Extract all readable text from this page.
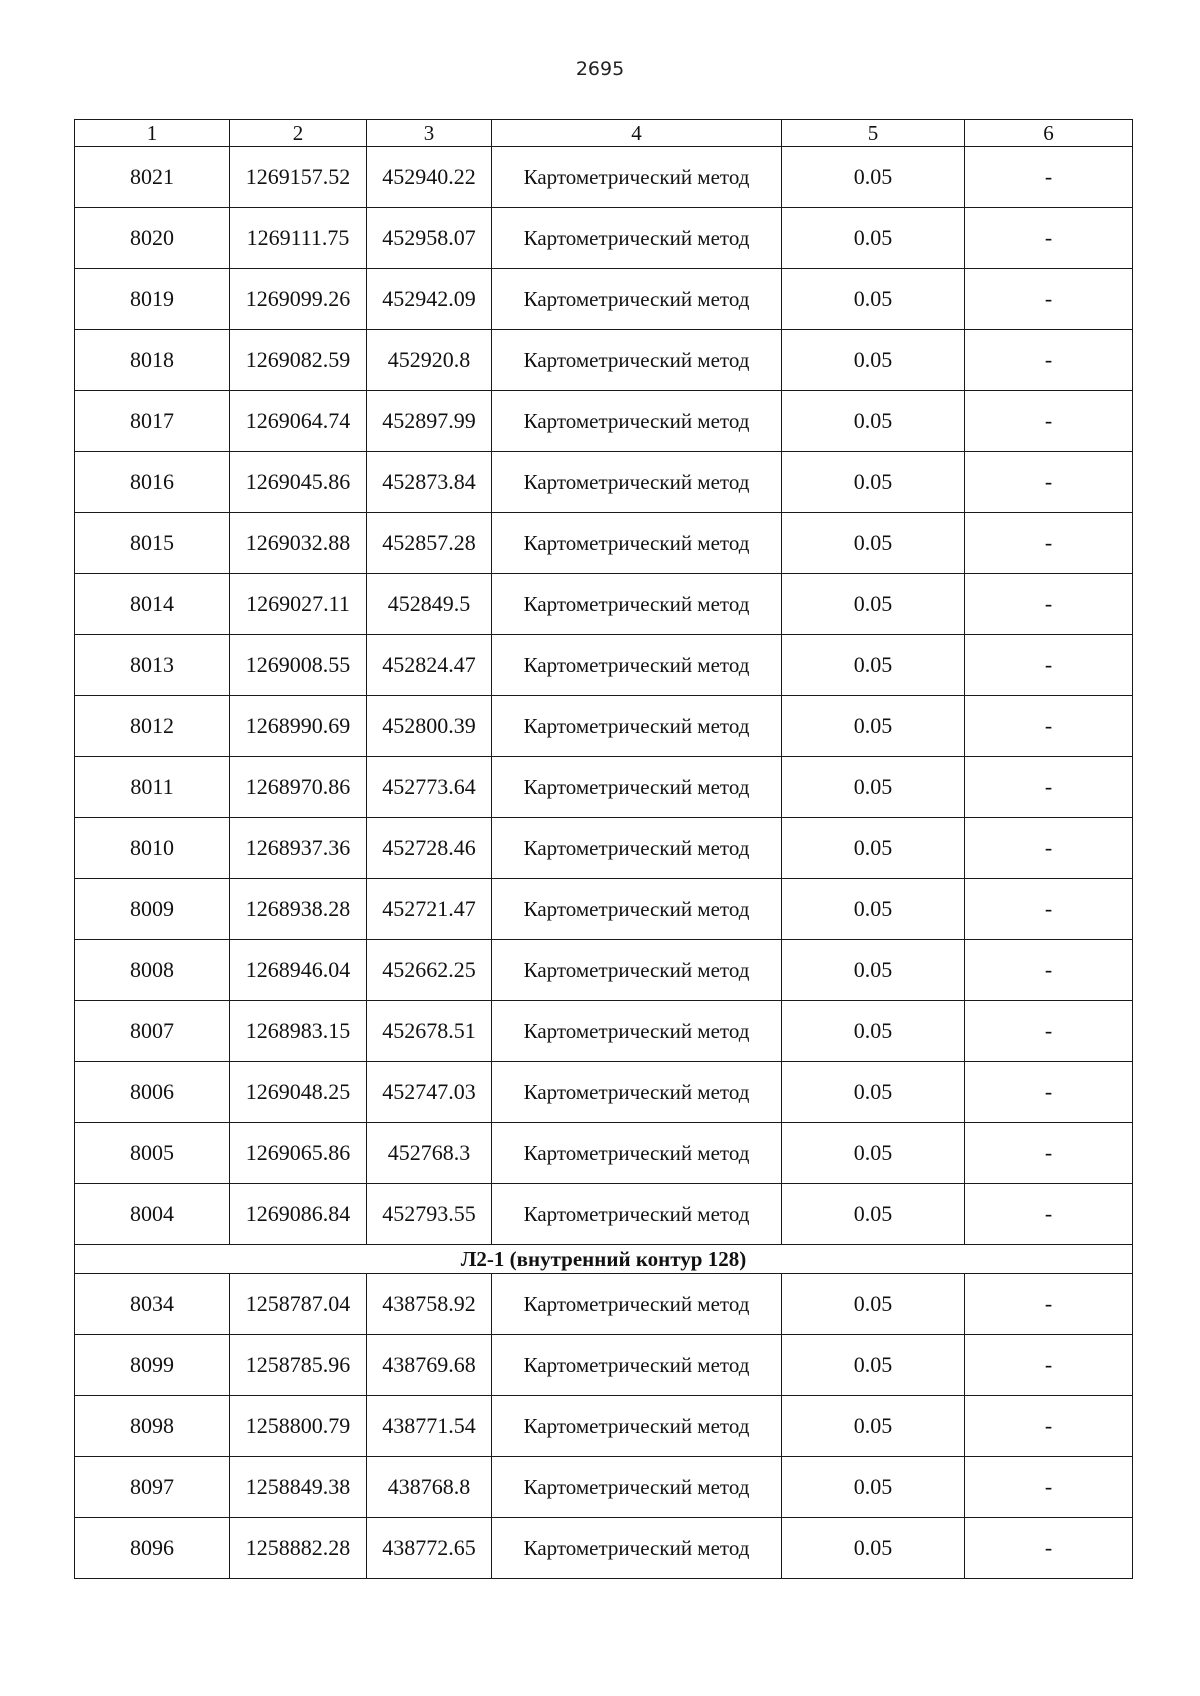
2695
1	2	3	4	5	6
8021	1269157.52	452940.22	Картометрический метод	0.05	-
8020	1269111.75	452958.07	Картометрический метод	0.05	-
8019	1269099.26	452942.09	Картометрический метод	0.05	-
8018	1269082.59	452920.8	Картометрический метод	0.05	-
8017	1269064.74	452897.99	Картометрический метод	0.05	-
8016	1269045.86	452873.84	Картометрический метод	0.05	-
8015	1269032.88	452857.28	Картометрический метод	0.05	-
8014	1269027.11	452849.5	Картометрический метод	0.05	-
8013	1269008.55	452824.47	Картометрический метод	0.05	-
8012	1268990.69	452800.39	Картометрический метод	0.05	-
8011	1268970.86	452773.64	Картометрический метод	0.05	-
8010	1268937.36	452728.46	Картометрический метод	0.05	-
8009	1268938.28	452721.47	Картометрический метод	0.05	-
8008	1268946.04	452662.25	Картометрический метод	0.05	-
8007	1268983.15	452678.51	Картометрический метод	0.05	-
8006	1269048.25	452747.03	Картометрический метод	0.05	-
8005	1269065.86	452768.3	Картометрический метод	0.05	-
8004	1269086.84	452793.55	Картометрический метод	0.05	-
Л2-1 (внутренний контур 128)					
8034	1258787.04	438758.92	Картометрический метод	0.05	-
8099	1258785.96	438769.68	Картометрический метод	0.05	-
8098	1258800.79	438771.54	Картометрический метод	0.05	-
8097	1258849.38	438768.8	Картометрический метод	0.05	-
8096	1258882.28	438772.65	Картометрический метод	0.05	-
